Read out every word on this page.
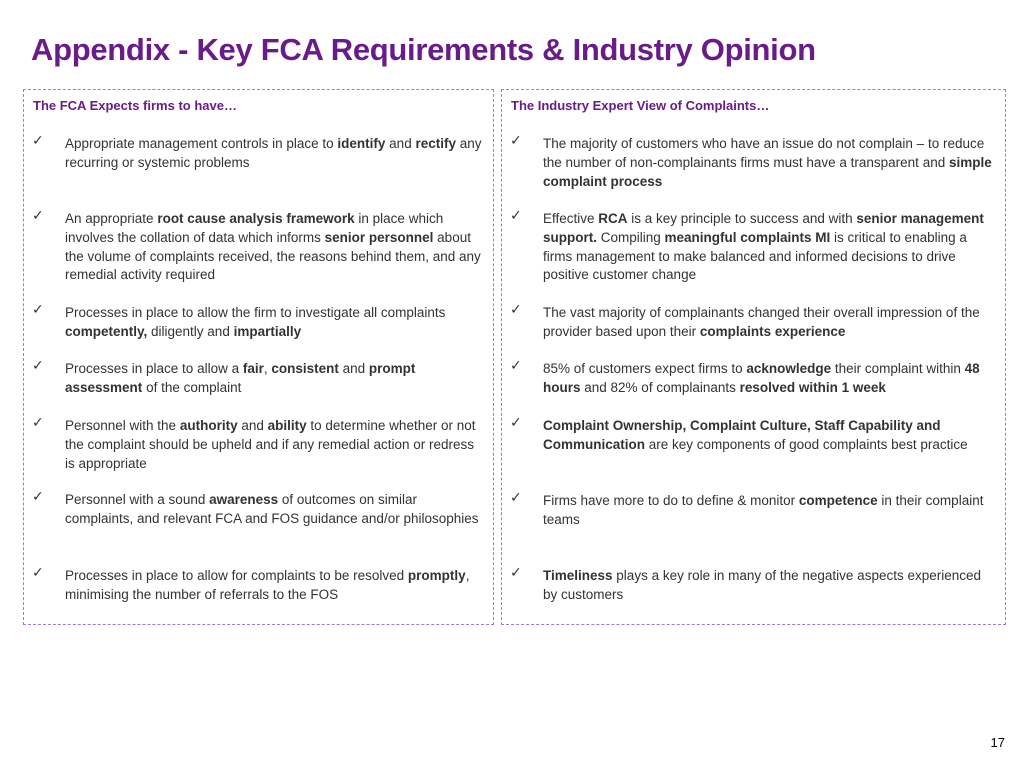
Appendix - Key FCA Requirements & Industry Opinion
The FCA Expects firms to have…
✓ Appropriate management controls in place to identify and rectify any recurring or systemic problems
✓ An appropriate root cause analysis framework in place which involves the collation of data which informs senior personnel about the volume of complaints received, the reasons behind them, and any remedial activity required
✓ Processes in place to allow the firm to investigate all complaints competently, diligently and impartially
✓ Processes in place to allow a fair, consistent and prompt assessment of the complaint
✓ Personnel with the authority and ability to determine whether or not the complaint should be upheld and if any remedial action or redress is appropriate
✓ Personnel with a sound awareness of outcomes on similar complaints, and relevant FCA and FOS guidance and/or philosophies
✓ Processes in place to allow for complaints to be resolved promptly, minimising the number of referrals to the FOS
The Industry Expert View of Complaints…
✓ The majority of customers who have an issue do not complain – to reduce the number of non-complainants firms must have a transparent and simple complaint process
✓ Effective RCA is a key principle to success and with senior management support. Compiling meaningful complaints MI is critical to enabling a firms management to make balanced and informed decisions to drive positive customer change
✓ The vast majority of complainants changed their overall impression of the provider based upon their complaints experience
✓ 85% of customers expect firms to acknowledge their complaint within 48 hours and 82% of complainants resolved within 1 week
✓ Complaint Ownership, Complaint Culture, Staff Capability and Communication are key components of good complaints best practice
✓ Firms have more to do to define & monitor competence in their complaint teams
✓ Timeliness plays a key role in many of the negative aspects experienced by customers
17
